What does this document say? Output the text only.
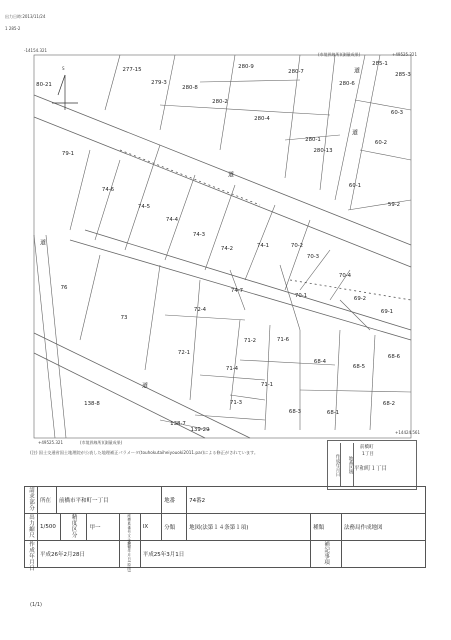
出力日時:2013/11/24
1 285-2
(市境界線所)(測量成果)	+49525.321
-14154.321
+49525.321	(市境界線所)(測量成果)
+14424.561
S
80-21
277-15
279-3
280-8
280-9
280-7
285-1
285-3
280-6
280-2
280-4
60-3
60-2
280-1
280-13
79-1
60-1
74-6
74-5
74-4
74-3
59-2
74-2	74-1	70-2
70-3
70-4
76	74-7
70-1	69-2
72-4	69-1
73
71-2	71-6
72-1
68-4
68-6
68-5
71-4
71-1
138-8	71-3	68-2
68-3	68-1
138-7
139-29
道
道
道
道
道
(注) 国土交通省国土地理院が公表した地理補正パラメータ(touhokutaiheiyouoki2011.par)による修正がされています。
作成年月日	地番区域
前橋町
1丁目
平和町１丁目
請求部分	所在	前橋市平和町一丁目					地番	74番2		
出力縮尺	1/500		精度区分	甲一	座標系番号又は記号	IX	分類	地図(法第１４条第１項)	種類	法務局作成地図
作成年月日	平成26年2月28日				備付年月日(原図)	平成25年3月1日			補記事項	
(1/1)
